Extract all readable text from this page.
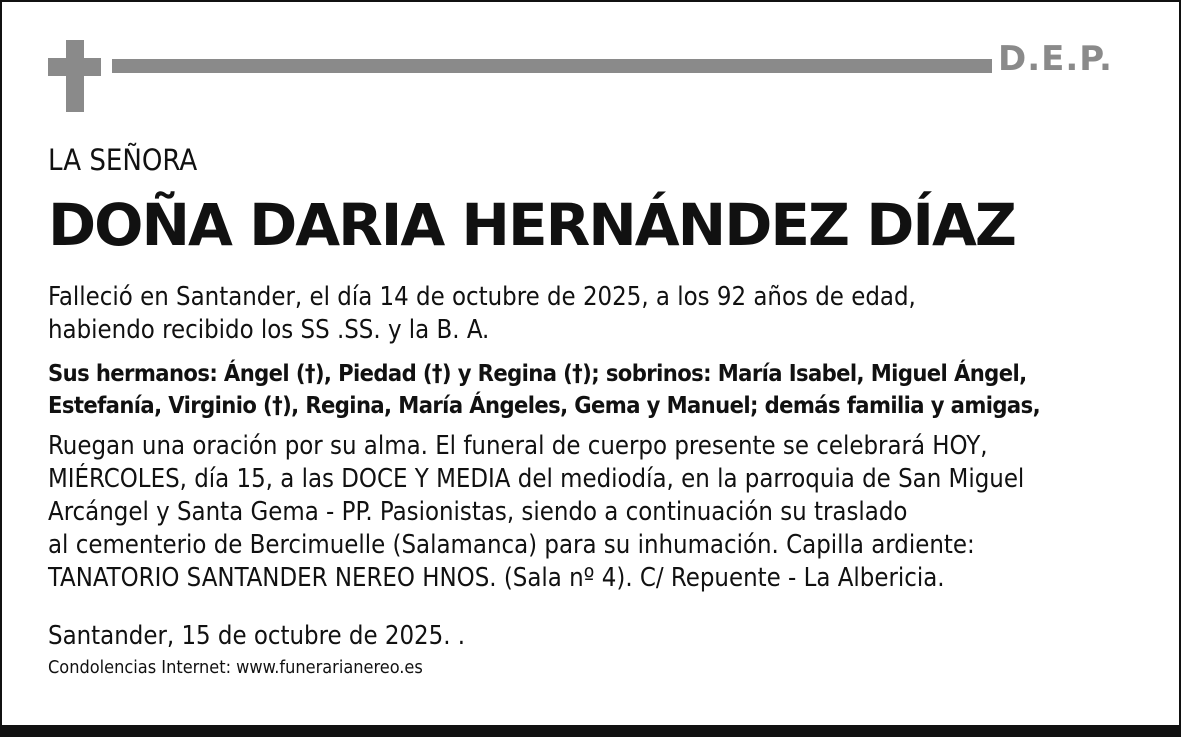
D.E.P.
LA SEÑORA
DOÑA DARIA HERNÁNDEZ DÍAZ

Falleció en Santander, el día 14 de octubre de 2025, a los 92 años de edad,

habiendo recibido los SS .SS. y la B. A.

Sus hermanos: Ángel (†), Piedad (†) y Regina (†); sobrinos: María Isabel, Miguel Ángel,

Estefanía, Virginio (†), Regina, María Ángeles, Gema y Manuel; demás familia y amigas,

Ruegan una oración por su alma. El funeral de cuerpo presente se celebrará HOY,

MIÉRCOLES, día 15, a las DOCE Y MEDIA del mediodía, en la parroquia de San Miguel

Arcángel y Santa Gema - PP. Pasionistas, siendo a continuación su traslado

al cementerio de Bercimuelle (Salamanca) para su inhumación. Capilla ardiente:

TANATORIO SANTANDER NEREO HNOS. (Sala nº 4). C/ Repuente - La Albericia.

Santander, 15 de octubre de 2025. .
Condolencias Internet: www.funerarianereo.es
